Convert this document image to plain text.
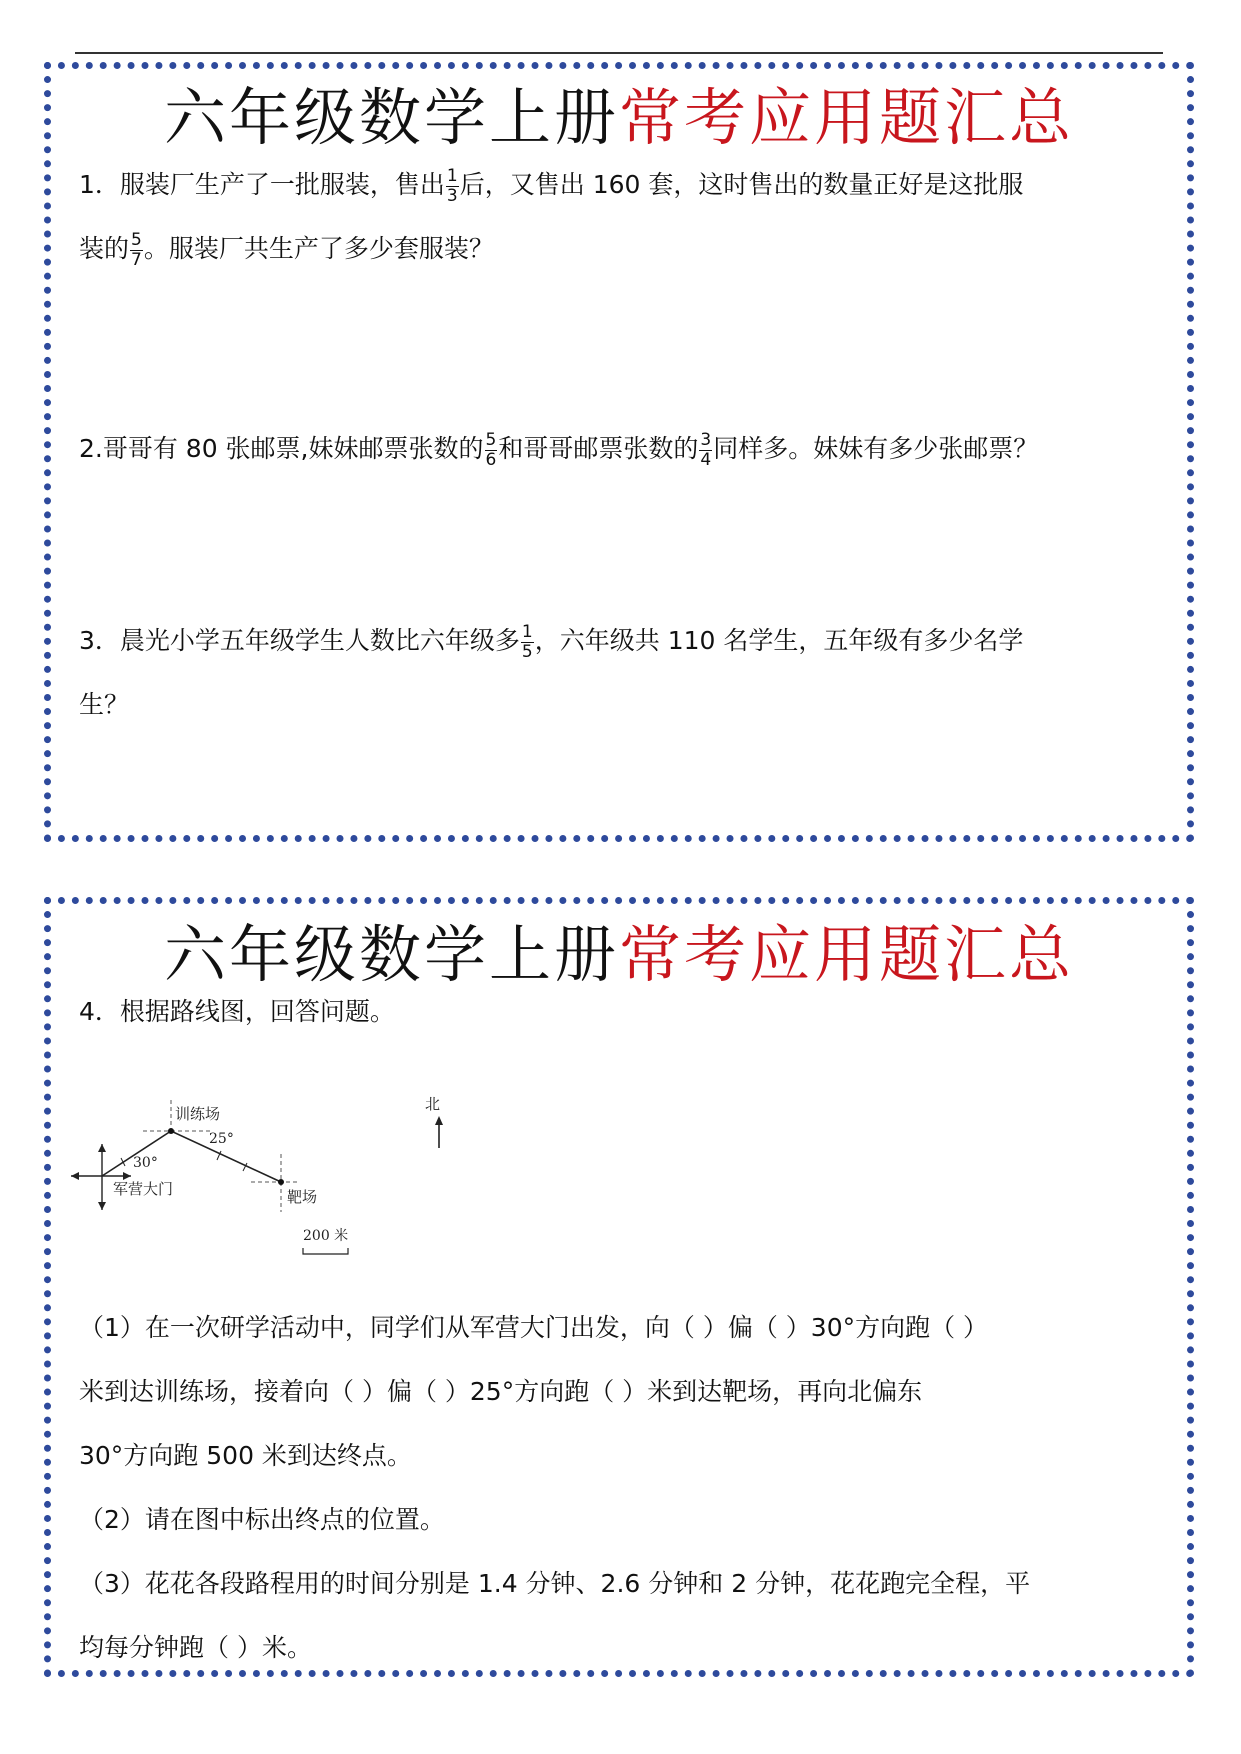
六年级数学上册常考应用题汇总
1．服装厂生产了一批服装，售出 $\frac{1}{3}$ 后，又售出 160 套，这时售出的数量正好是这批服
装的 $\frac{5}{7}$ 。服装厂共生产了多少套服装？
2.哥哥有 80 张邮票,妹妹邮票张数的 $\frac{5}{6}$ 和哥哥邮票张数的 $\frac{3}{4}$ 同样多。妹妹有多少张邮票？
3．晨光小学五年级学生人数比六年级多 $\frac{1}{5}$ ，六年级共 110 名学生，五年级有多少名学
生？
六年级数学上册常考应用题汇总
4．根据路线图，回答问题。
训练场
25°
30°
军营大门	靶场
北
200 米
（1）在一次研学活动中，同学们从军营大门出发，向（ ）偏（ ）30°方向跑（ ）
米到达训练场，接着向（ ）偏（ ）25°方向跑（ ）米到达靶场，再向北偏东
30°方向跑 500 米到达终点。
（2）请在图中标出终点的位置。
（3）花花各段路程用的时间分别是 1.4 分钟、2.6 分钟和 2 分钟，花花跑完全程，平
均每分钟跑（ ）米。
